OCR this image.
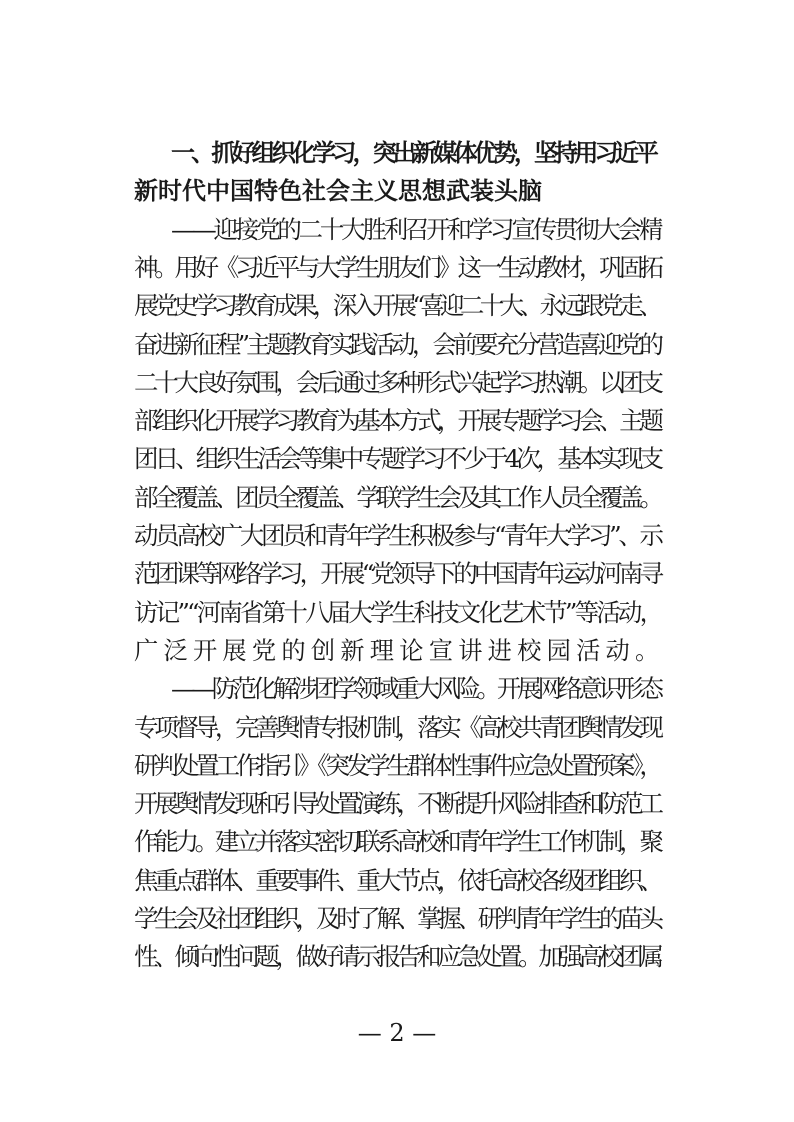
一、抓好组织化学习，突出新媒体优势，坚持用习近平
新时代中国特色社会主义思想武装头脑
——迎接党的二十大胜利召开和学习宣传贯彻大会精
神。用好《习近平与大学生朋友们》这一生动教材，巩固拓
展党史学习教育成果，深入开展“喜迎二十大、永远跟党走、
奋进新征程”主题教育实践活动，会前要充分营造喜迎党的
二十大良好氛围，会后通过多种形式兴起学习热潮。以团支
部组织化开展学习教育为基本方式，开展专题学习会、主题
团日、组织生活会等集中专题学习不少于4次，基本实现支
部全覆盖、团员全覆盖、学联学生会及其工作人员全覆盖。
动员高校广大团员和青年学生积极参与“青年大学习”、示
范团课等网络学习，开展“党领导下的中国青年运动河南寻
访记”“河南省第十八届大学生科技文化艺术节”等活动，
广泛开展党的创新理论宣讲进校园活动。
——防范化解涉团学领域重大风险。开展网络意识形态
专项督导，完善舆情专报机制，落实《高校共青团舆情发现
研判处置工作指引》《突发学生群体性事件应急处置预案》，
开展舆情发现和引导处置演练，不断提升风险排查和防范工
作能力。建立并落实密切联系高校和青年学生工作机制，聚
焦重点群体、重要事件、重大节点，依托高校各级团组织、
学生会及社团组织，及时了解、掌握、研判青年学生的苗头
性、倾向性问题，做好请示报告和应急处置。加强高校团属
— 2 —
